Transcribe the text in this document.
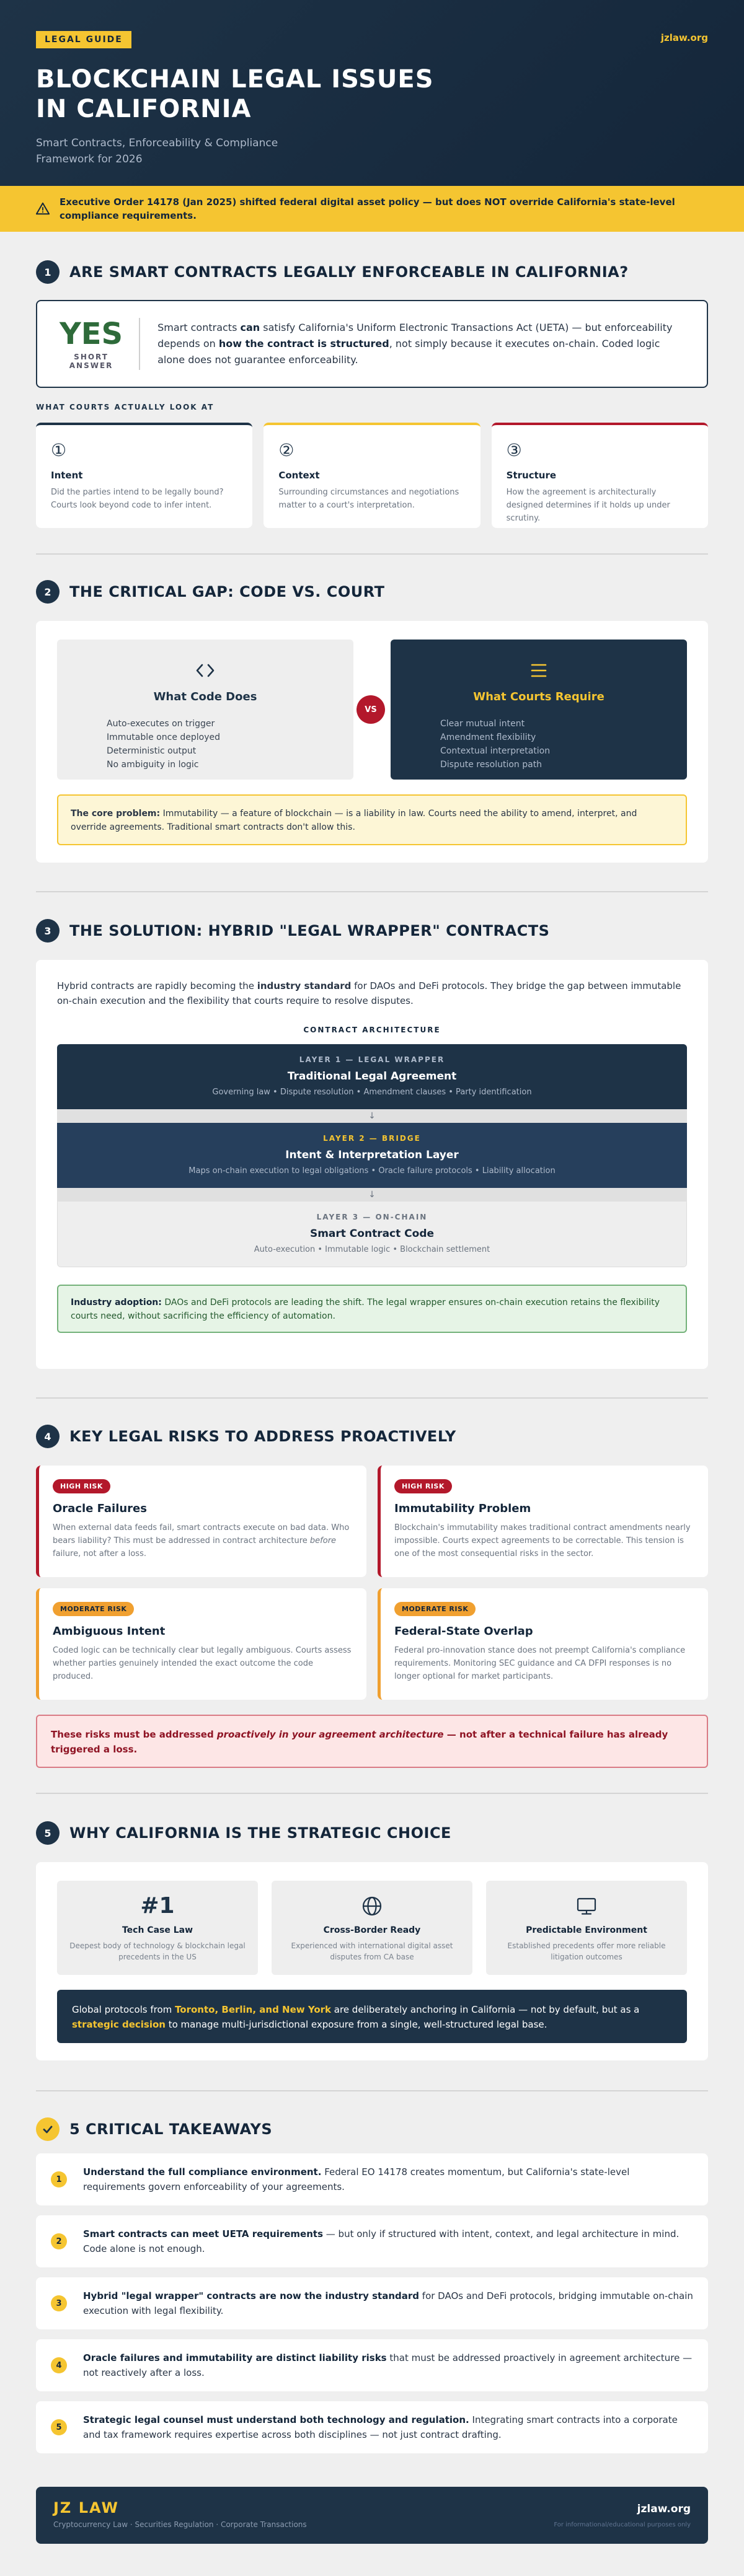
LEGAL GUIDE	jzlaw.org
BLOCKCHAIN LEGAL ISSUES
IN CALIFORNIA
Smart Contracts, Enforceability & Compliance
Framework for 2026
Executive Order 14178 (Jan 2025) shifted federal digital asset policy — but does NOT override California's state-level compliance requirements.
1	ARE SMART CONTRACTS LEGALLY ENFORCEABLE IN CALIFORNIA?
YES
SHORT ANSWER
Smart contracts can satisfy California's Uniform Electronic Transactions Act (UETA) — but enforceability depends on how the contract is structured, not simply because it executes on-chain. Coded logic alone does not guarantee enforceability.
WHAT COURTS ACTUALLY LOOK AT
①
Intent

Did the parties intend to be legally bound? Courts look beyond code to infer intent.

②
Context

Surrounding circumstances and negotiations matter to a court's interpretation.

③
Structure

How the agreement is architecturally designed determines if it holds up under scrutiny.

2	THE CRITICAL GAP: CODE VS. COURT
What Code Does
Auto-executes on trigger
Immutable once deployed
Deterministic output
No ambiguity in logic
VS
What Courts Require
Clear mutual intent
Amendment flexibility
Contextual interpretation
Dispute resolution path
The core problem: Immutability — a feature of blockchain — is a liability in law. Courts need the ability to amend, interpret, and override agreements. Traditional smart contracts don't allow this.
3	THE SOLUTION: HYBRID "LEGAL WRAPPER" CONTRACTS

Hybrid contracts are rapidly becoming the industry standard for DAOs and DeFi protocols. They bridge the gap between immutable on-chain execution and the flexibility that courts require to resolve disputes.

CONTRACT ARCHITECTURE
LAYER 1 — LEGAL WRAPPER
Traditional Legal Agreement

Governing law • Dispute resolution • Amendment clauses • Party identification

↓
LAYER 2 — BRIDGE
Intent & Interpretation Layer

Maps on-chain execution to legal obligations • Oracle failure protocols • Liability allocation

↓
LAYER 3 — ON-CHAIN
Smart Contract Code

Auto-execution • Immutable logic • Blockchain settlement

Industry adoption: DAOs and DeFi protocols are leading the shift. The legal wrapper ensures on-chain execution retains the flexibility courts need, without sacrificing the efficiency of automation.
4	KEY LEGAL RISKS TO ADDRESS PROACTIVELY
HIGH RISK
Oracle Failures

When external data feeds fail, smart contracts execute on bad data. Who bears liability? This must be addressed in contract architecture before failure, not after a loss.

HIGH RISK
Immutability Problem

Blockchain's immutability makes traditional contract amendments nearly impossible. Courts expect agreements to be correctable. This tension is one of the most consequential risks in the sector.

MODERATE RISK
Ambiguous Intent

Coded logic can be technically clear but legally ambiguous. Courts assess whether parties genuinely intended the exact outcome the code produced.

MODERATE RISK
Federal-State Overlap

Federal pro-innovation stance does not preempt California's compliance requirements. Monitoring SEC guidance and CA DFPI responses is no longer optional for market participants.

These risks must be addressed proactively in your agreement architecture — not after a technical failure has already triggered a loss.
5	WHY CALIFORNIA IS THE STRATEGIC CHOICE
#1
Tech Case Law

Deepest body of technology & blockchain legal precedents in the US

Cross-Border Ready

Experienced with international digital asset disputes from CA base

Predictable Environment

Established precedents offer more reliable litigation outcomes

Global protocols from Toronto, Berlin, and New York are deliberately anchoring in California — not by default, but as a strategic decision to manage multi-jurisdictional exposure from a single, well-structured legal base.
5 CRITICAL TAKEAWAYS
1
Understand the full compliance environment. Federal EO 14178 creates momentum, but California's state-level requirements govern enforceability of your agreements.
2
Smart contracts can meet UETA requirements — but only if structured with intent, context, and legal architecture in mind. Code alone is not enough.
3
Hybrid "legal wrapper" contracts are now the industry standard for DAOs and DeFi protocols, bridging immutable on-chain execution with legal flexibility.
4
Oracle failures and immutability are distinct liability risks that must be addressed proactively in agreement architecture — not reactively after a loss.
5
Strategic legal counsel must understand both technology and regulation. Integrating smart contracts into a corporate and tax framework requires expertise across both disciplines — not just contract drafting.
JZ LAW
Cryptocurrency Law · Securities Regulation · Corporate Transactions
jzlaw.org
For informational/educational purposes only
